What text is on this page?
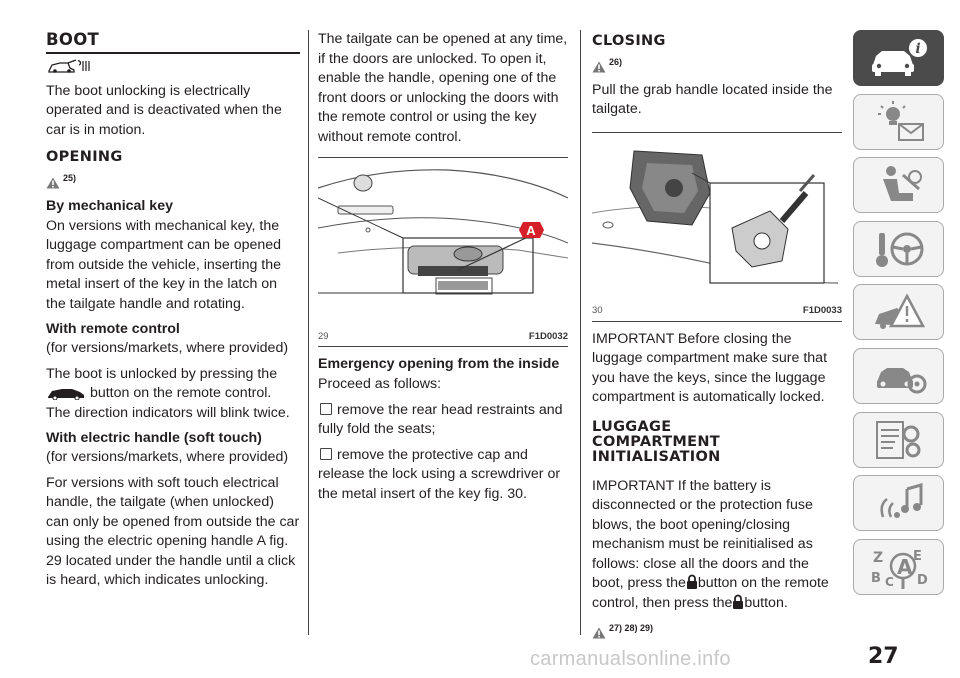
BOOT

The boot unlocking is electrically operated and is deactivated when the car is in motion.

OPENING
25)
By mechanical key

On versions with mechanical key, the luggage compartment can be opened from outside the vehicle, inserting the metal insert of the key in the latch on the tailgate handle and rotating.

With remote control
(for versions/markets, where provided)

The boot is unlocked by pressing the
button on the remote control.
The direction indicators will blink twice.

With electric handle (soft touch)
(for versions/markets, where provided)

For versions with soft touch electrical handle, the tailgate (when unlocked) can only be opened from outside the car using the electric opening handle A fig. 29 located under the handle until a click is heard, which indicates unlocking.

The tailgate can be opened at any time, if the doors are unlocked. To open it, enable the handle, opening one of the front doors or unlocking the doors with the remote control or using the key without remote control.

A
29	F1D0032
Emergency opening from the inside

Proceed as follows:

remove the rear head restraints and fully fold the seats;

remove the protective cap and release the lock using a screwdriver or the metal insert of the key fig. 30.

CLOSING
26)

Pull the grab handle located inside the tailgate.

30	F1D0033

IMPORTANT Before closing the luggage compartment make sure that you have the keys, since the luggage compartment is automatically locked.

LUGGAGE
COMPARTMENT
INITIALISATION

IMPORTANT If the battery is disconnected or the protection fuse blows, the boot opening/closing mechanism must be reinitialised as follows: close all the doors and the boot, press the button on the remote control, then press the button.

27) 28) 29)
i
Z E
A
B C D
carmanualsonline.info	27
